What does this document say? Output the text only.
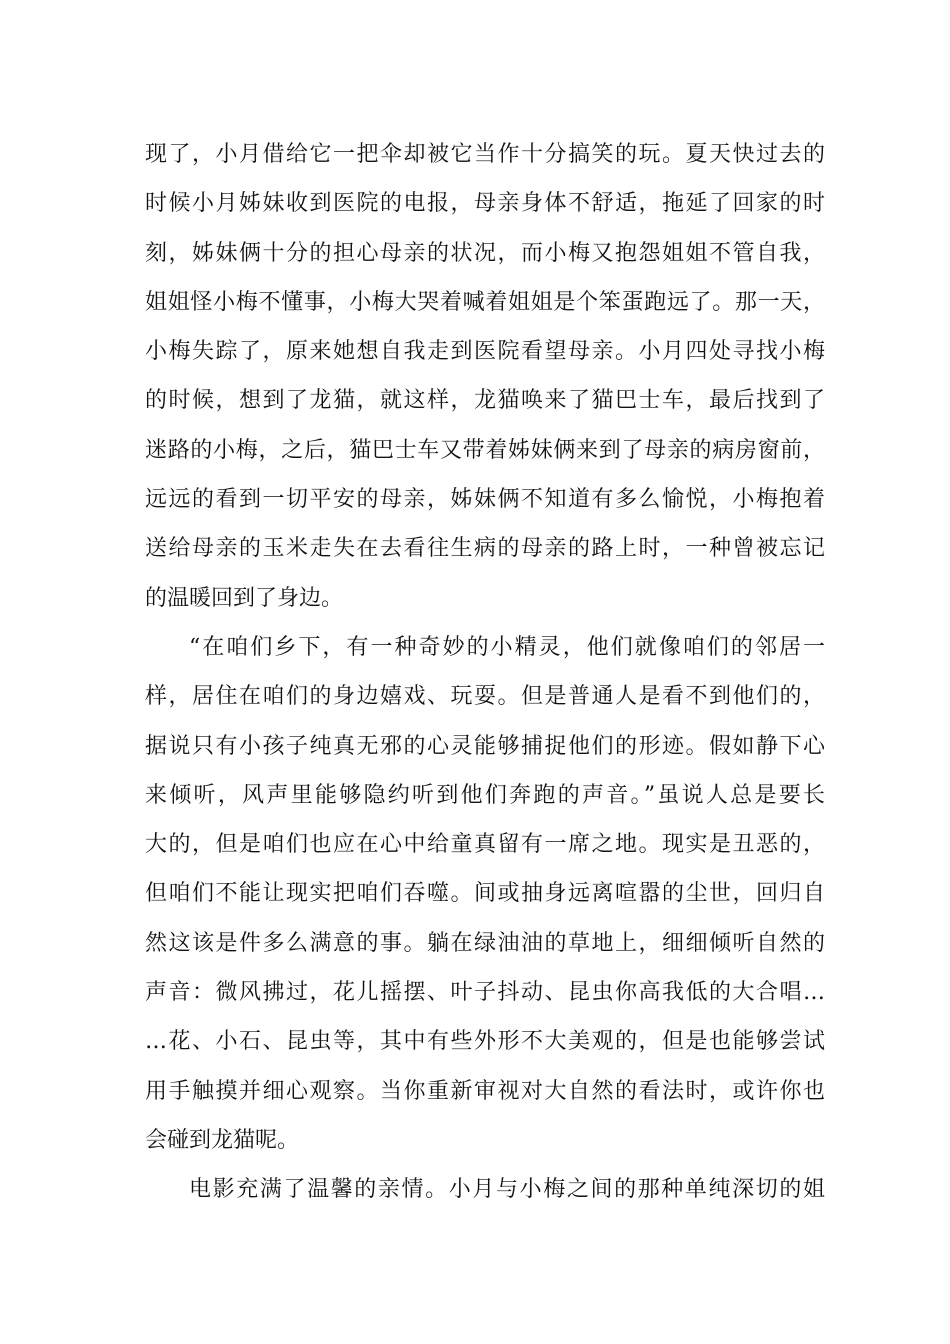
现了，小月借给它一把伞却被它当作十分搞笑的玩。夏天快过去的
时候小月姊妹收到医院的电报，母亲身体不舒适，拖延了回家的时
刻，姊妹俩十分的担心母亲的状况，而小梅又抱怨姐姐不管自我，
姐姐怪小梅不懂事，小梅大哭着喊着姐姐是个笨蛋跑远了。那一天，
小梅失踪了，原来她想自我走到医院看望母亲。小月四处寻找小梅
的时候，想到了龙猫，就这样，龙猫唤来了猫巴士车，最后找到了
迷路的小梅，之后，猫巴士车又带着姊妹俩来到了母亲的病房窗前，
远远的看到一切平安的母亲，姊妹俩不知道有多么愉悦，小梅抱着
送给母亲的玉米走失在去看往生病的母亲的路上时，一种曾被忘记
的温暖回到了身边。
“在咱们乡下，有一种奇妙的小精灵，他们就像咱们的邻居一
样，居住在咱们的身边嬉戏、玩耍。但是普通人是看不到他们的，
据说只有小孩子纯真无邪的心灵能够捕捉他们的形迹。假如静下心
来倾听，风声里能够隐约听到他们奔跑的声音。”虽说人总是要长
大的，但是咱们也应在心中给童真留有一席之地。现实是丑恶的，
但咱们不能让现实把咱们吞噬。间或抽身远离喧嚣的尘世，回归自
然这该是件多么满意的事。躺在绿油油的草地上，细细倾听自然的
声音：微风拂过，花儿摇摆、叶子抖动、昆虫你高我低的大合唱…
…花、小石、昆虫等，其中有些外形不大美观的，但是也能够尝试
用手触摸并细心观察。当你重新审视对大自然的看法时，或许你也
会碰到龙猫呢。
电影充满了温馨的亲情。小月与小梅之间的那种单纯深切的姐
